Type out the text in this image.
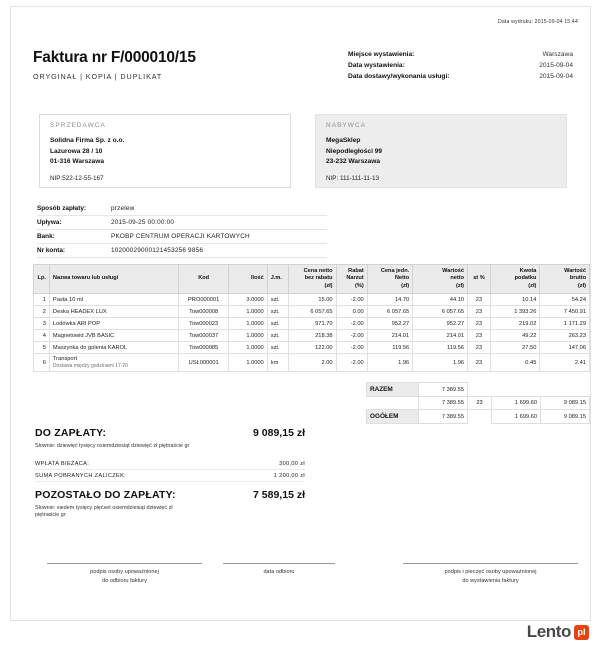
Data wydruku: 2015-09-04 15:44
Faktura nr F/000010/15
ORYGINAŁ | KOPIA | DUPLIKAT
Miejsce wystawienia:	Warszawa
Data wystawienia:	2015-09-04
Data dostawy/wykonania usługi:	2015-09-04
SPRZEDAWCA
Solidna Firma Sp. z o.o.
Lazurowa 28 / 10
01-316 Warszawa
NIP:522-12-55-167
NABYWCA
MegaSklep
Niepodległości 99
23-232 Warszawa
NIP: 111-111-11-13
Sposób zapłaty:	przelew
Upływa:	2015-09-25 00:00:00
Bank:	PKOBP CENTRUM OPERACJI KARTOWYCH
Nr konta:	10200029000121453256 9856
Lp.	Nazwa towaru lub usługi	Kod	Ilość	J.m.	Cena netto
bez rabatu
(zł)	Rabat
Narzut
(%)	Cena jedn.
Netto
(zł)	Wartość
netto
(zł)	st %	Kwota
podatku
(zł)	Wartość
brutto
(zł)
1	Pasta 10 ml	PRO000001	3.0000	szt.	15.00	-2.00	14.70	44.10	23	10.14	54.24
2	Deska HEADEX LUX	Tow000008	1.0000	szt.	6 057.65	0.00	6 057.65	6 057.65	23	1 393.26	7 450.91
3	Lodówka ARI POP	Tow000023	1.0000	szt.	971.70	-2.00	952.27	952.27	23	219.02	1 171.29
4	Magnetowid JVB BASIC	Tow000037	1.0000	szt.	218.38	-2.00	214.01	214.01	23	49.22	263.23
5	Maszynka do golenia KAROL	Tow000085	1.0000	szt.	122.00	-2.00	119.56	119.56	23	27.50	147.06
6	Transport
Dostawa między godzinami 17-20	USŁ000001	1.0000	km	2.00	-2.00	1.96	1.96	23	0.45	2.41
RAZEM	7 389.55			
	7 389.55	23	1 699.60	9 089.15
OGÓŁEM	7 389.55		1 699.60	9 089.15
DO ZAPŁATY:	9 089,15 zł
Słownie: dziewięć tysięcy osiemdziesiąt dziewięć zł piętnaście gr
WPŁATA BIEŻĄCA:	300,00 zł
SUMA POBRANYCH ZALICZEK:	1 200,00 zł
POZOSTAŁO DO ZAPŁATY:	7 589,15 zł
Słownie: siedem tysięcy pięćset osiemdziesiąt dziewięć zł
piętnaście gr
podpis osoby upoważnionej
do odbioru faktury
data odbioru	podpis i pieczęć osoby upoważnionej
do wystawienia faktury
Lento pl
